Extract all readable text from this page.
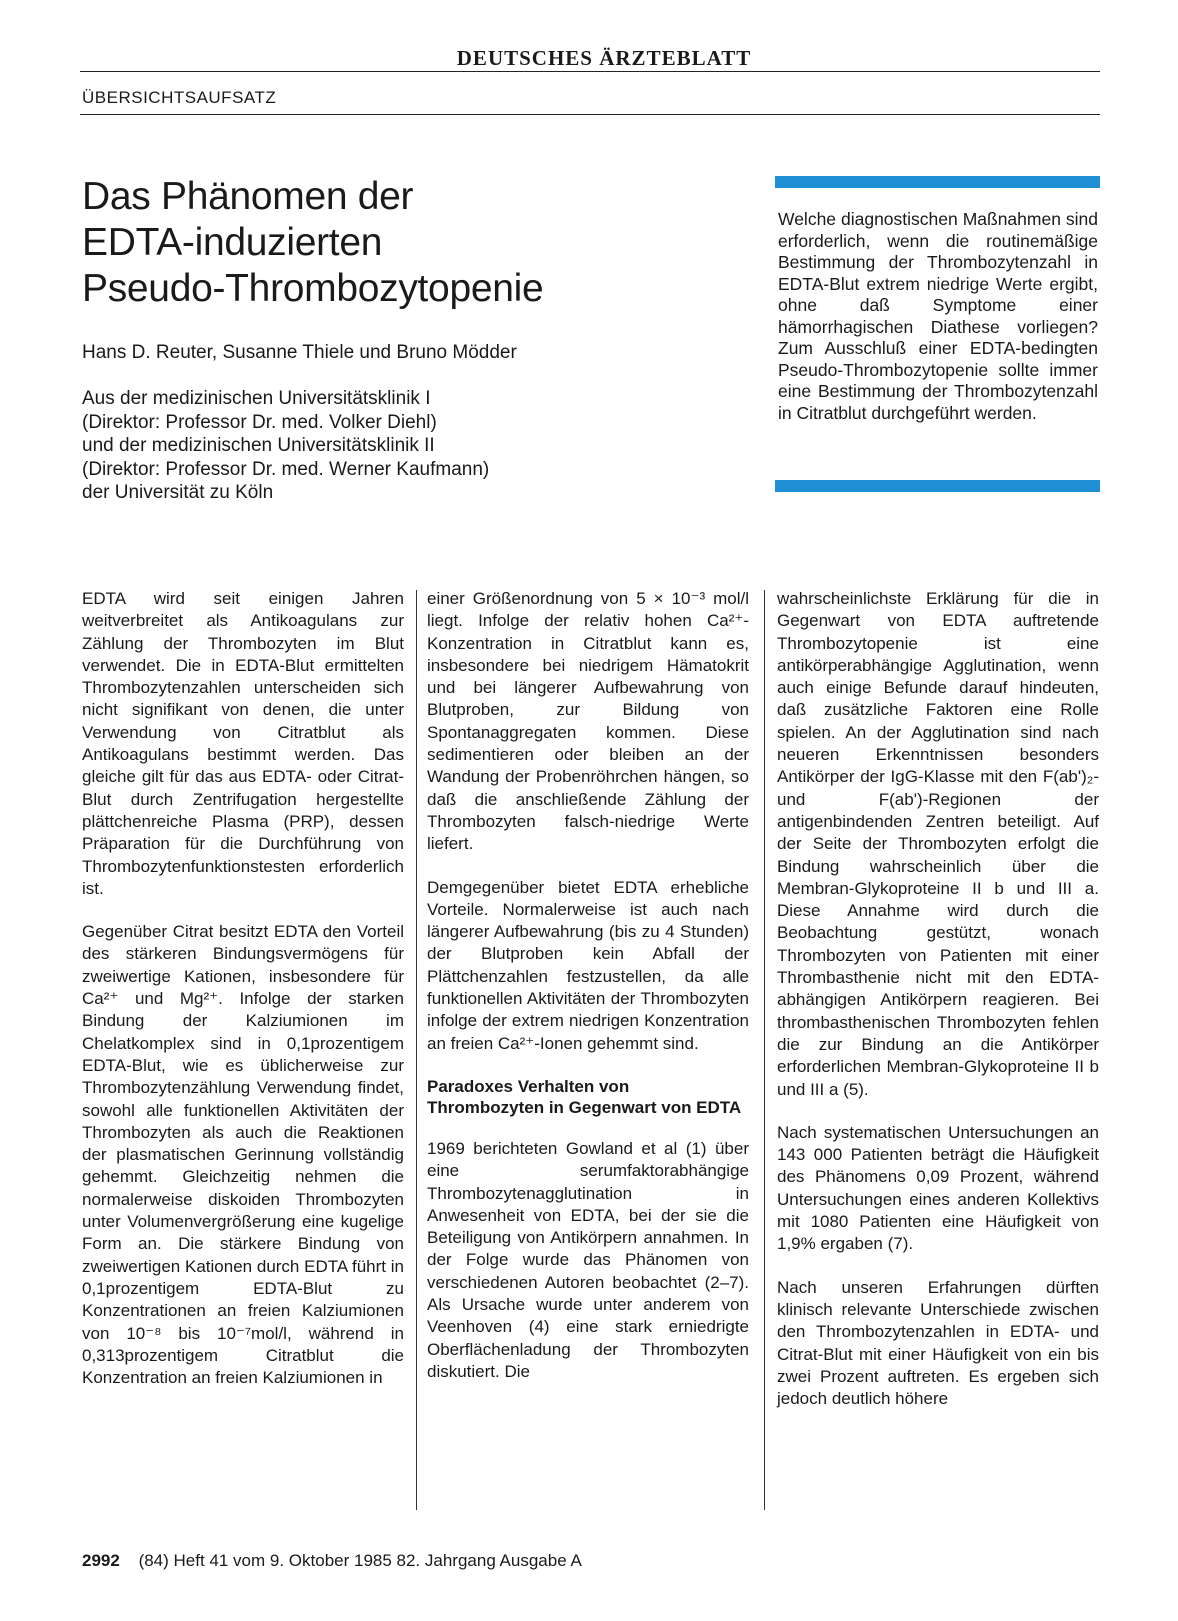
DEUTSCHES ÄRZTEBLATT
ÜBERSICHTSAUFSATZ
Das Phänomen der
EDTA-induzierten
Pseudo-Thrombozytopenie
Hans D. Reuter, Susanne Thiele und Bruno Mödder
Aus der medizinischen Universitätsklinik I
(Direktor: Professor Dr. med. Volker Diehl)
und der medizinischen Universitätsklinik II
(Direktor: Professor Dr. med. Werner Kaufmann)
der Universität zu Köln

Welche diagnostischen Maßnahmen sind erforderlich, wenn die routinemäßige Bestimmung der Thrombozytenzahl in EDTA-Blut extrem niedrige Werte ergibt, ohne daß Symptome einer hämorrhagischen Diathese vorliegen? Zum Ausschluß einer EDTA-bedingten Pseudo-Thrombozytopenie sollte immer eine Bestimmung der Thrombozytenzahl in Citratblut durchgeführt werden.

EDTA wird seit einigen Jahren weitverbreitet als Antikoagulans zur Zählung der Thrombozyten im Blut verwendet. Die in EDTA-Blut ermittelten Thrombozytenzahlen unterscheiden sich nicht signifikant von denen, die unter Verwendung von Citratblut als Antikoagulans bestimmt werden. Das gleiche gilt für das aus EDTA- oder Citrat-Blut durch Zentrifugation hergestellte plättchenreiche Plasma (PRP), dessen Präparation für die Durchführung von Thrombozytenfunktionstesten erforderlich ist.

Gegenüber Citrat besitzt EDTA den Vorteil des stärkeren Bindungsvermögens für zweiwertige Kationen, insbesondere für Ca²⁺ und Mg²⁺. Infolge der starken Bindung der Kalziumionen im Chelatkomplex sind in 0,1prozentigem EDTA-Blut, wie es üblicherweise zur Thrombozytenzählung Verwendung findet, sowohl alle funktionellen Aktivitäten der Thrombozyten als auch die Reaktionen der plasmatischen Gerinnung vollständig gehemmt. Gleichzeitig nehmen die normalerweise diskoiden Thrombozyten unter Volumenvergrößerung eine kugelige Form an. Die stärkere Bindung von zweiwertigen Kationen durch EDTA führt in 0,1prozentigem EDTA-Blut zu Konzentrationen an freien Kalziumionen von 10⁻⁸ bis 10⁻⁷mol/l, während in 0,313prozentigem Citratblut die Konzentration an freien Kalziumionen in

einer Größenordnung von 5 × 10⁻³ mol/l liegt. Infolge der relativ hohen Ca²⁺-Konzentration in Citratblut kann es, insbesondere bei niedrigem Hämatokrit und bei längerer Aufbewahrung von Blutproben, zur Bildung von Spontanaggregaten kommen. Diese sedimentieren oder bleiben an der Wandung der Probenröhrchen hängen, so daß die anschließende Zählung der Thrombozyten falsch-niedrige Werte liefert.

Demgegenüber bietet EDTA erhebliche Vorteile. Normalerweise ist auch nach längerer Aufbewahrung (bis zu 4 Stunden) der Blutproben kein Abfall der Plättchenzahlen festzustellen, da alle funktionellen Aktivitäten der Thrombozyten infolge der extrem niedrigen Konzentration an freien Ca²⁺-Ionen gehemmt sind.

Paradoxes Verhalten von Thrombozyten in Gegenwart von EDTA

1969 berichteten Gowland et al (1) über eine serumfaktorabhängige Thrombozytenagglutination in Anwesenheit von EDTA, bei der sie die Beteiligung von Antikörpern annahmen. In der Folge wurde das Phänomen von verschiedenen Autoren beobachtet (2–7). Als Ursache wurde unter anderem von Veenhoven (4) eine stark erniedrigte Oberflächenladung der Thrombozyten diskutiert. Die

wahrscheinlichste Erklärung für die in Gegenwart von EDTA auftretende Thrombozytopenie ist eine antikörperabhängige Agglutination, wenn auch einige Befunde darauf hindeuten, daß zusätzliche Faktoren eine Rolle spielen. An der Agglutination sind nach neueren Erkenntnissen besonders Antikörper der IgG-Klasse mit den F(ab')₂- und F(ab')-Regionen der antigenbindenden Zentren beteiligt. Auf der Seite der Thrombozyten erfolgt die Bindung wahrscheinlich über die Membran-Glykoproteine II b und III a. Diese Annahme wird durch die Beobachtung gestützt, wonach Thrombozyten von Patienten mit einer Thrombasthenie nicht mit den EDTA-abhängigen Antikörpern reagieren. Bei thrombasthenischen Thrombozyten fehlen die zur Bindung an die Antikörper erforderlichen Membran-Glykoproteine II b und III a (5).

Nach systematischen Untersuchungen an 143 000 Patienten beträgt die Häufigkeit des Phänomens 0,09 Prozent, während Untersuchungen eines anderen Kollektivs mit 1080 Patienten eine Häufigkeit von 1,9% ergaben (7).

Nach unseren Erfahrungen dürften klinisch relevante Unterschiede zwischen den Thrombozytenzahlen in EDTA- und Citrat-Blut mit einer Häufigkeit von ein bis zwei Prozent auftreten. Es ergeben sich jedoch deutlich höhere

2992 (84) Heft 41 vom 9. Oktober 1985 82. Jahrgang Ausgabe A
